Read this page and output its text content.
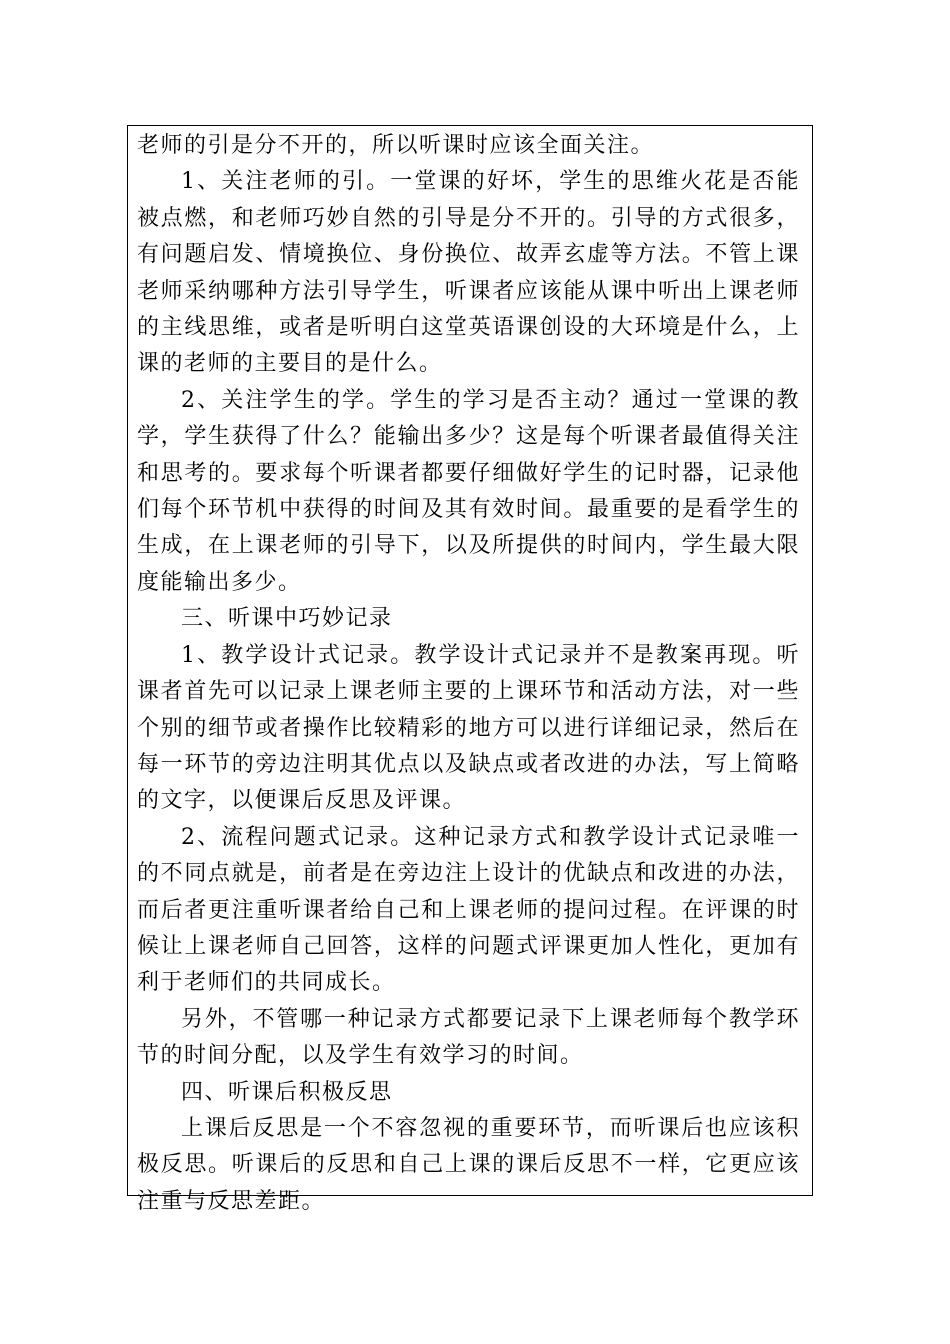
老师的引是分不开的，所以听课时应该全面关注。

1、关注老师的引。一堂课的好坏，学生的思维火花是否能被点燃，和老师巧妙自然的引导是分不开的。引导的方式很多，有问题启发、情境换位、身份换位、故弄玄虚等方法。不管上课老师采纳哪种方法引导学生，听课者应该能从课中听出上课老师的主线思维，或者是听明白这堂英语课创设的大环境是什么，上课的老师的主要目的是什么。

2、关注学生的学。学生的学习是否主动？通过一堂课的教学，学生获得了什么？能输出多少？这是每个听课者最值得关注和思考的。要求每个听课者都要仔细做好学生的记时器，记录他们每个环节机中获得的时间及其有效时间。最重要的是看学生的生成，在上课老师的引导下，以及所提供的时间内，学生最大限度能输出多少。

三、听课中巧妙记录

1、教学设计式记录。教学设计式记录并不是教案再现。听课者首先可以记录上课老师主要的上课环节和活动方法，对一些个别的细节或者操作比较精彩的地方可以进行详细记录，然后在每一环节的旁边注明其优点以及缺点或者改进的办法，写上简略的文字，以便课后反思及评课。

2、流程问题式记录。这种记录方式和教学设计式记录唯一的不同点就是，前者是在旁边注上设计的优缺点和改进的办法，而后者更注重听课者给自己和上课老师的提问过程。在评课的时候让上课老师自己回答，这样的问题式评课更加人性化，更加有利于老师们的共同成长。

另外，不管哪一种记录方式都要记录下上课老师每个教学环节的时间分配，以及学生有效学习的时间。

四、听课后积极反思

上课后反思是一个不容忽视的重要环节，而听课后也应该积极反思。听课后的反思和自己上课的课后反思不一样，它更应该注重与反思差距。
